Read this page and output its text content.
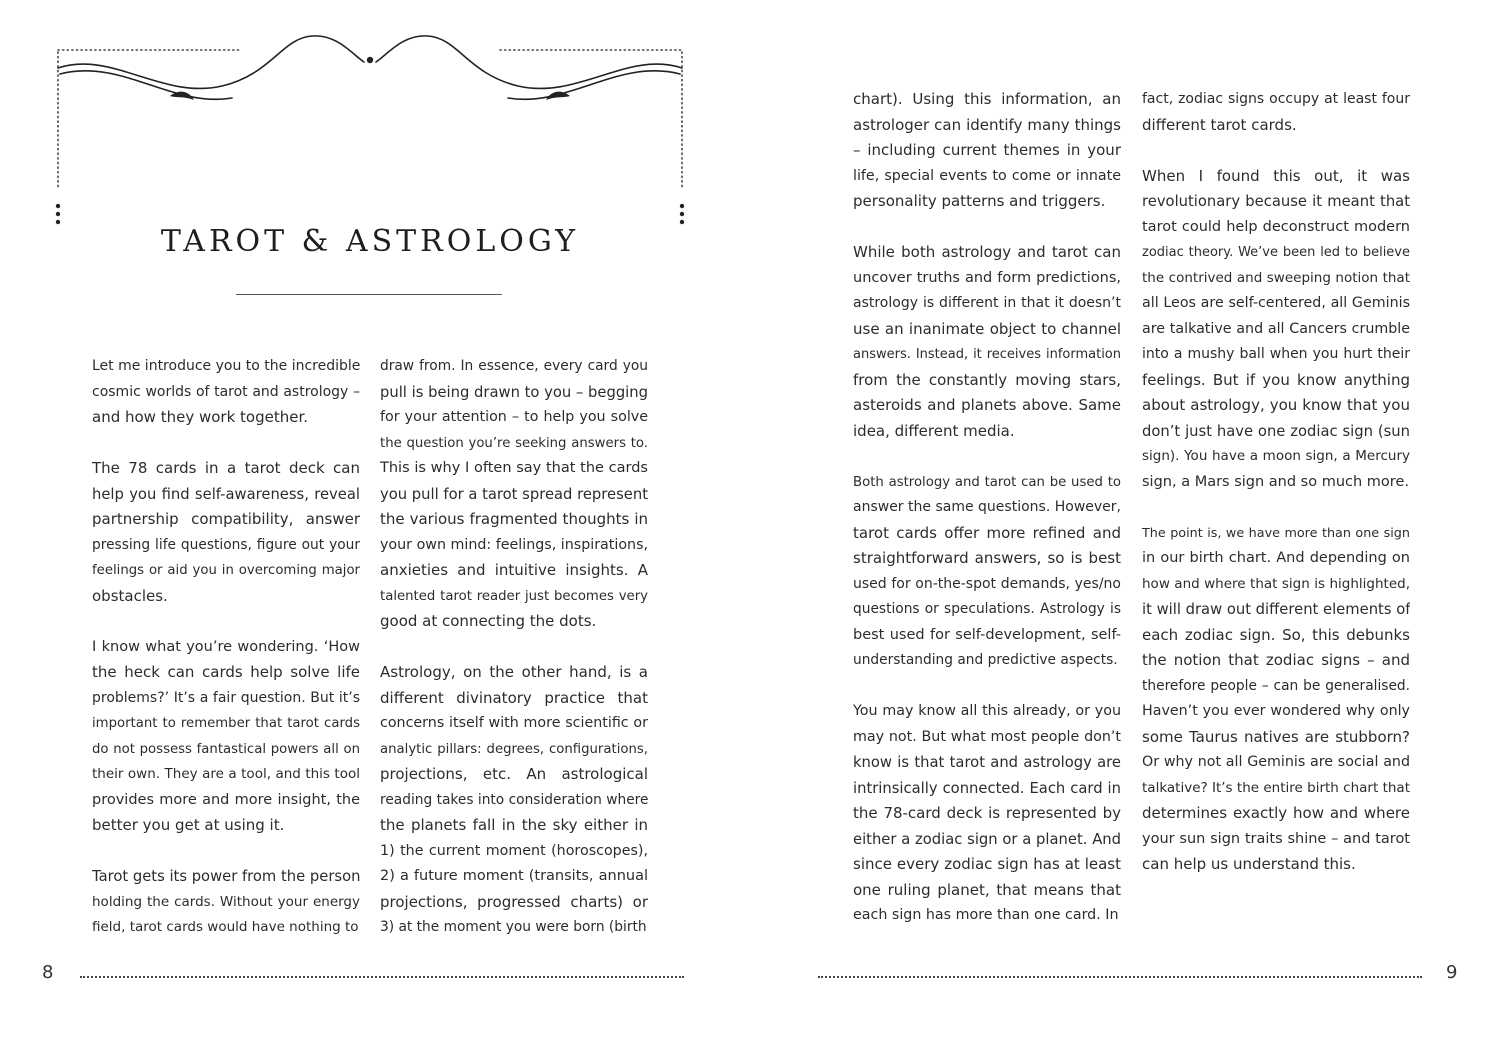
TAROT & ASTROLOGY

Let me introduce you to the incredible
cosmic worlds of tarot and astrology –
and how they work together.

The 78 cards in a tarot deck can
help you find self-awareness, reveal
partnership compatibility, answer
pressing life questions, figure out your
feelings or aid you in overcoming major
obstacles.

I know what you’re wondering. ‘How
the heck can cards help solve life
problems?’ It’s a fair question. But it’s
important to remember that tarot cards
do not possess fantastical powers all on
their own. They are a tool, and this tool
provides more and more insight, the
better you get at using it.

Tarot gets its power from the person
holding the cards. Without your energy
field, tarot cards would have nothing to

draw from. In essence, every card you
pull is being drawn to you – begging
for your attention – to help you solve
the question you’re seeking answers to.
This is why I often say that the cards
you pull for a tarot spread represent
the various fragmented thoughts in
your own mind: feelings, inspirations,
anxieties and intuitive insights. A
talented tarot reader just becomes very
good at connecting the dots.

Astrology, on the other hand, is a
different divinatory practice that
concerns itself with more scientific or
analytic pillars: degrees, configurations,
projections, etc. An astrological
reading takes into consideration where
the planets fall in the sky either in
1) the current moment (horoscopes),
2) a future moment (transits, annual
projections, progressed charts) or
3) at the moment you were born (birth

chart). Using this information, an
astrologer can identify many things
– including current themes in your
life, special events to come or innate
personality patterns and triggers.

While both astrology and tarot can
uncover truths and form predictions,
astrology is different in that it doesn’t
use an inanimate object to channel
answers. Instead, it receives information
from the constantly moving stars,
asteroids and planets above. Same
idea, different media.

Both astrology and tarot can be used to
answer the same questions. However,
tarot cards offer more refined and
straightforward answers, so is best
used for on-the-spot demands, yes/no
questions or speculations. Astrology is
best used for self-development, self-
understanding and predictive aspects.

You may know all this already, or you
may not. But what most people don’t
know is that tarot and astrology are
intrinsically connected. Each card in
the 78-card deck is represented by
either a zodiac sign or a planet. And
since every zodiac sign has at least
one ruling planet, that means that
each sign has more than one card. In

fact, zodiac signs occupy at least four
different tarot cards.

When I found this out, it was
revolutionary because it meant that
tarot could help deconstruct modern
zodiac theory. We’ve been led to believe
the contrived and sweeping notion that
all Leos are self-centered, all Geminis
are talkative and all Cancers crumble
into a mushy ball when you hurt their
feelings. But if you know anything
about astrology, you know that you
don’t just have one zodiac sign (sun
sign). You have a moon sign, a Mercury
sign, a Mars sign and so much more.

The point is, we have more than one sign
in our birth chart. And depending on
how and where that sign is highlighted,
it will draw out different elements of
each zodiac sign. So, this debunks
the notion that zodiac signs – and
therefore people – can be generalised.
Haven’t you ever wondered why only
some Taurus natives are stubborn?
Or why not all Geminis are social and
talkative? It’s the entire birth chart that
determines exactly how and where
your sun sign traits shine – and tarot
can help us understand this.

8	9
